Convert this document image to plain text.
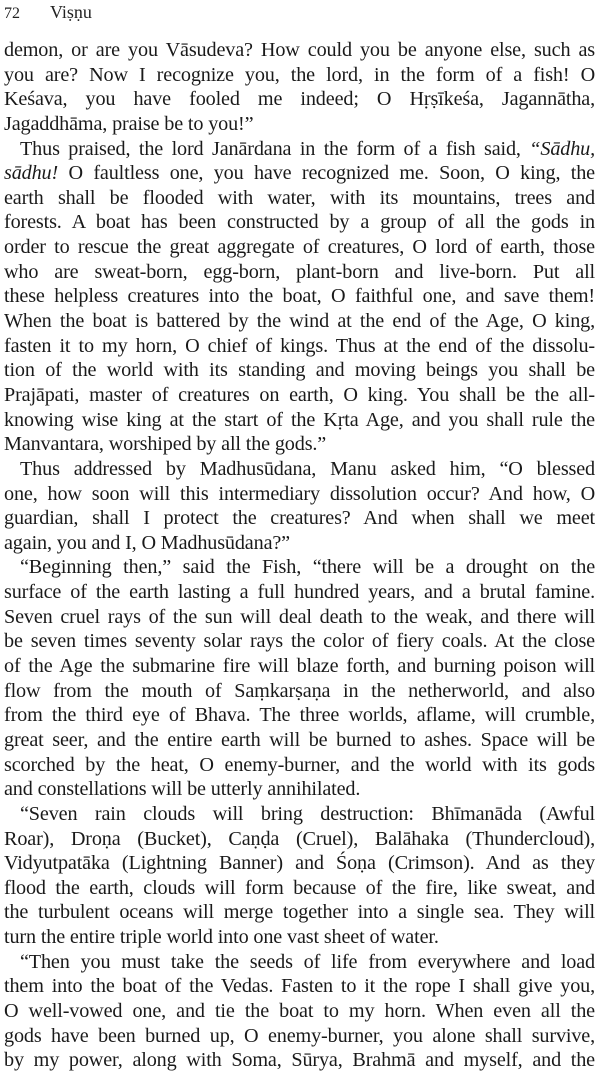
72 Viṣṇu
demon, or are you Vāsudeva? How could you be anyone else, such as
you are? Now I recognize you, the lord, in the form of a fish! O
Keśava, you have fooled me indeed; O Hṛṣīkeśa, Jagannātha,
Jagaddhāma, praise be to you!”
Thus praised, the lord Janārdana in the form of a fish said, “Sādhu,
sādhu! O faultless one, you have recognized me. Soon, O king, the
earth shall be flooded with water, with its mountains, trees and
forests. A boat has been constructed by a group of all the gods in
order to rescue the great aggregate of creatures, O lord of earth, those
who are sweat-born, egg-born, plant-born and live-born. Put all
these helpless creatures into the boat, O faithful one, and save them!
When the boat is battered by the wind at the end of the Age, O king,
fasten it to my horn, O chief of kings. Thus at the end of the dissolu-
tion of the world with its standing and moving beings you shall be
Prajāpati, master of creatures on earth, O king. You shall be the all-
knowing wise king at the start of the Kṛta Age, and you shall rule the
Manvantara, worshiped by all the gods.”
Thus addressed by Madhusūdana, Manu asked him, “O blessed
one, how soon will this intermediary dissolution occur? And how, O
guardian, shall I protect the creatures? And when shall we meet
again, you and I, O Madhusūdana?”
“Beginning then,” said the Fish, “there will be a drought on the
surface of the earth lasting a full hundred years, and a brutal famine.
Seven cruel rays of the sun will deal death to the weak, and there will
be seven times seventy solar rays the color of fiery coals. At the close
of the Age the submarine fire will blaze forth, and burning poison will
flow from the mouth of Saṃkarṣaṇa in the netherworld, and also
from the third eye of Bhava. The three worlds, aflame, will crumble,
great seer, and the entire earth will be burned to ashes. Space will be
scorched by the heat, O enemy-burner, and the world with its gods
and constellations will be utterly annihilated.
“Seven rain clouds will bring destruction: Bhīmanāda (Awful
Roar), Droṇa (Bucket), Caṇḍa (Cruel), Balāhaka (Thundercloud),
Vidyutpatāka (Lightning Banner) and Śoṇa (Crimson). And as they
flood the earth, clouds will form because of the fire, like sweat, and
the turbulent oceans will merge together into a single sea. They will
turn the entire triple world into one vast sheet of water.
“Then you must take the seeds of life from everywhere and load
them into the boat of the Vedas. Fasten to it the rope I shall give you,
O well-vowed one, and tie the boat to my horn. When even all the
gods have been burned up, O enemy-burner, you alone shall survive,
by my power, along with Soma, Sūrya, Brahmā and myself, and the
